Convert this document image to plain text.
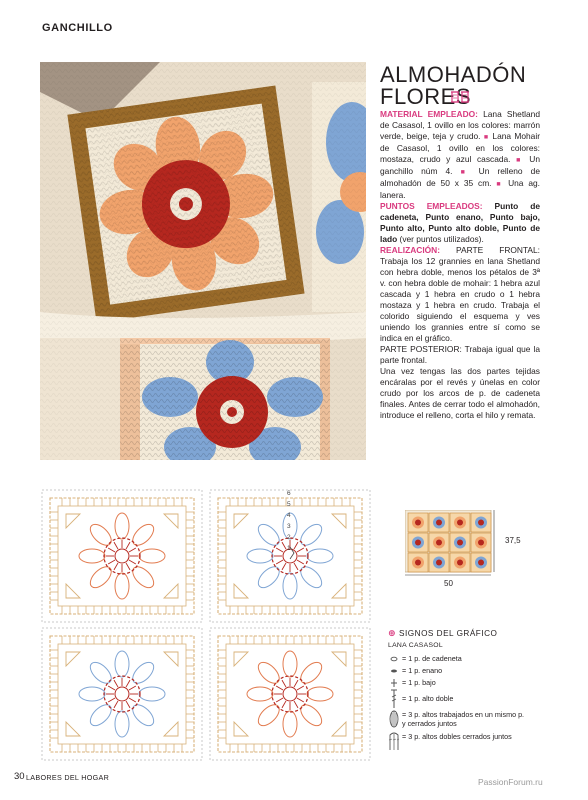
GANCHILLO
ALMOHADÓN
FLORES

MATERIAL EMPLEADO: Lana Shetland de Casasol, 1 ovillo en los colores: marrón verde, beige, teja y crudo. ■ Lana Mohair de Casasol, 1 ovillo en los colores: mostaza, crudo y azul cascada. ■ Un ganchillo núm 4. ■ Un relleno de almohadón de 50 x 35 cm. ■ Una ag. lanera.

PUNTOS EMPLEADOS: Punto de cadeneta, Punto enano, Punto bajo, Punto alto, Punto alto doble, Punto de lado (ver puntos utilizados).

REALIZACIÓN: PARTE FRONTAL: Trabaja los 12 grannies en lana Shetland con hebra doble, menos los pétalos de 3ª v. con hebra doble de mohair: 1 hebra azul cascada y 1 hebra en crudo o 1 hebra mostaza y 1 hebra en crudo. Trabaja el colorido siguiendo el esquema y ves uniendo los grannies entre sí como se indica en el gráfico.

PARTE POSTERIOR: Trabaja igual que la parte frontal.

Una vez tengas las dos partes tejidas encáralas por el revés y únelas en color crudo por los arcos de p. de cadeneta finales. Antes de cerrar todo el almohadón, introduce el relleno, corta el hilo y remata.

6
5
4
3
2
1
50
37,5
⊕ SIGNOS DEL GRÁFICO
LANA CASASOL
= 1 p. de cadeneta
= 1 p. enano
= 1 p. bajo
= 1 p. alto doble
= 3 p. altos trabajados en un mismo p. y cerrados juntos
= 3 p. altos dobles cerrados juntos
30 LABORES DEL HOGAR	PassionForum.ru
